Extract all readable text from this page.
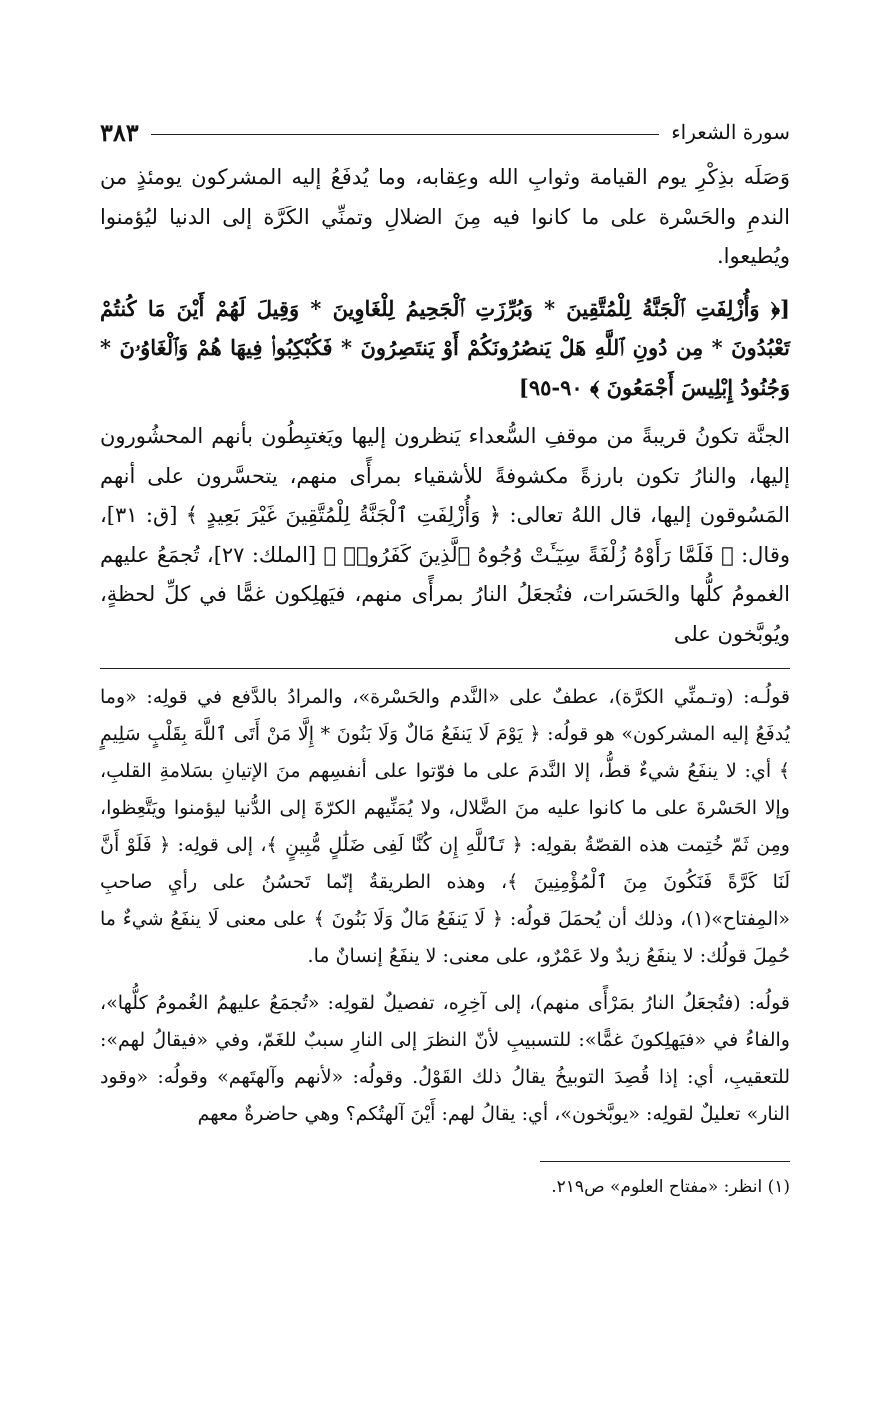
سورة الشعراء
٣٨٣

وَصَلَه بذِكْرِ يوم القيامة وثوابِ الله وعِقابه، وما يُدفَعُ إليه المشركون يومئذٍ من الندمِ والحَسْرة على ما كانوا فيه مِنَ الضلالِ وتمنِّي الكَرَّة إلى الدنيا ليُؤمنوا ويُطيعوا.

[﴿ وَأُزْلِفَتِ ٱلْجَنَّةُ لِلْمُتَّقِينَ * وَبُرِّزَتِ ٱلْجَحِيمُ لِلْغَاوِينَ * وَقِيلَ لَهُمْ أَيْنَ مَا كُنتُمْ تَعْبُدُونَ * مِن دُونِ ٱللَّهِ هَلْ يَنصُرُونَكُمْ أَوْ يَنتَصِرُونَ * فَكُبْكِبُوا۟ فِيهَا هُمْ وَٱلْغَاوُۥنَ * وَجُنُودُ إِبْلِيسَ أَجْمَعُونَ ﴾ ٩٠-٩٥]

الجنَّة تكونُ قريبةً من موقفِ السُّعداء يَنظرون إليها ويَغتبِطُون بأنهم المحشُورون إليها، والنارُ تكون بارزةً مكشوفةً للأشقياء بمرأًى منهم، يتحسَّرون على أنهم المَسُوقون إليها، قال اللهُ تعالى: ﴿ وَأُزْلِفَتِ ٱلْجَنَّةُ لِلْمُتَّقِينَ غَيْرَ بَعِيدٍ ﴾ [ق: ٣١]، وقال: ﴿ فَلَمَّا رَأَوْهُ زُلْفَةً سِيٓـَٔتْ وُجُوهُ ٱلَّذِينَ كَفَرُوا۟ ﴾ [الملك: ٢٧]، تُجمَعُ عليهم الغمومُ كلُّها والحَسَرات، فتُجعَلُ النارُ بمرأًى منهم، فيَهلِكون غمًّا في كلِّ لحظةٍ، ويُوبَّخون على

قولُـه: (وتـمنِّي الكرَّة)، عطفٌ على «النَّدم والحَسْرة»، والمرادُ بالدَّفع في قولِه: «وما يُدفَعُ إليه المشركون» هو قولُه: ﴿ يَوْمَ لَا يَنفَعُ مَالٌ وَلَا بَنُونَ * إِلَّا مَنْ أَتَى ٱللَّهَ بِقَلْبٍ سَلِيمٍ ﴾ أي: لا ينفَعُ شيءٌ قطُّ، إلا النَّدمَ على ما فوّتوا على أنفسِهم منَ الإتيانِ بسَلامةِ القلبِ، وإلا الحَسْرةَ على ما كانوا عليه منَ الضَّلال، ولا يُمَنِّيهم الكرّةَ إلى الدُّنيا ليؤمنوا ويَتَّعِظوا، ومِن ثَمّ خُتِمت هذه القصّةُ بقولِه: ﴿ تَٱللَّهِ إِن كُنَّا لَفِى ضَلَٰلٍ مُّبِينٍ ﴾، إلى قولِه: ﴿ فَلَوْ أَنَّ لَنَا كَرَّةً فَنَكُونَ مِنَ ٱلْمُؤْمِنِينَ ﴾، وهذه الطريقةُ إنّما تَحسُنُ على رأيِ صاحبِ «المِفتاح»(١)، وذلك أن يُحمَلَ قولُه: ﴿ لَا يَنفَعُ مَالٌ وَلَا بَنُونَ ﴾ على معنى لَا ينفَعُ شيءٌ ما حُمِلَ قولُك: لا ينفَعُ زيدٌ ولا عَمْرٌو، على معنى: لا ينفَعُ إنسانٌ ما.

قولُه: (فتُجعَلُ النارُ بمَرْأًى منهم)، إلى آخِرِه، تفصيلٌ لقولِه: «تُجمَعُ عليهمُ الغُمومُ كلُّها»، والفاءُ في «فيَهلِكونَ غمًّا»: للتسبيبِ لأنّ النظرَ إلى النارِ سببٌ للغَمّ، وفي «فيقالُ لهم»: للتعقيبِ، أي: إذا قُصِدَ التوبيخُ يقالُ ذلك القَوْلُ. وقولُه: «لأنهم وآلهتَهم» وقولُه: «وقود النار» تعليلٌ لقولِه: «يوبَّخون»، أي: يقالُ لهم: أَيْنَ آلهتُكم؟ وهي حاضرةٌ معهم

(١) انظر: «مفتاح العلوم» ص٢١٩.
